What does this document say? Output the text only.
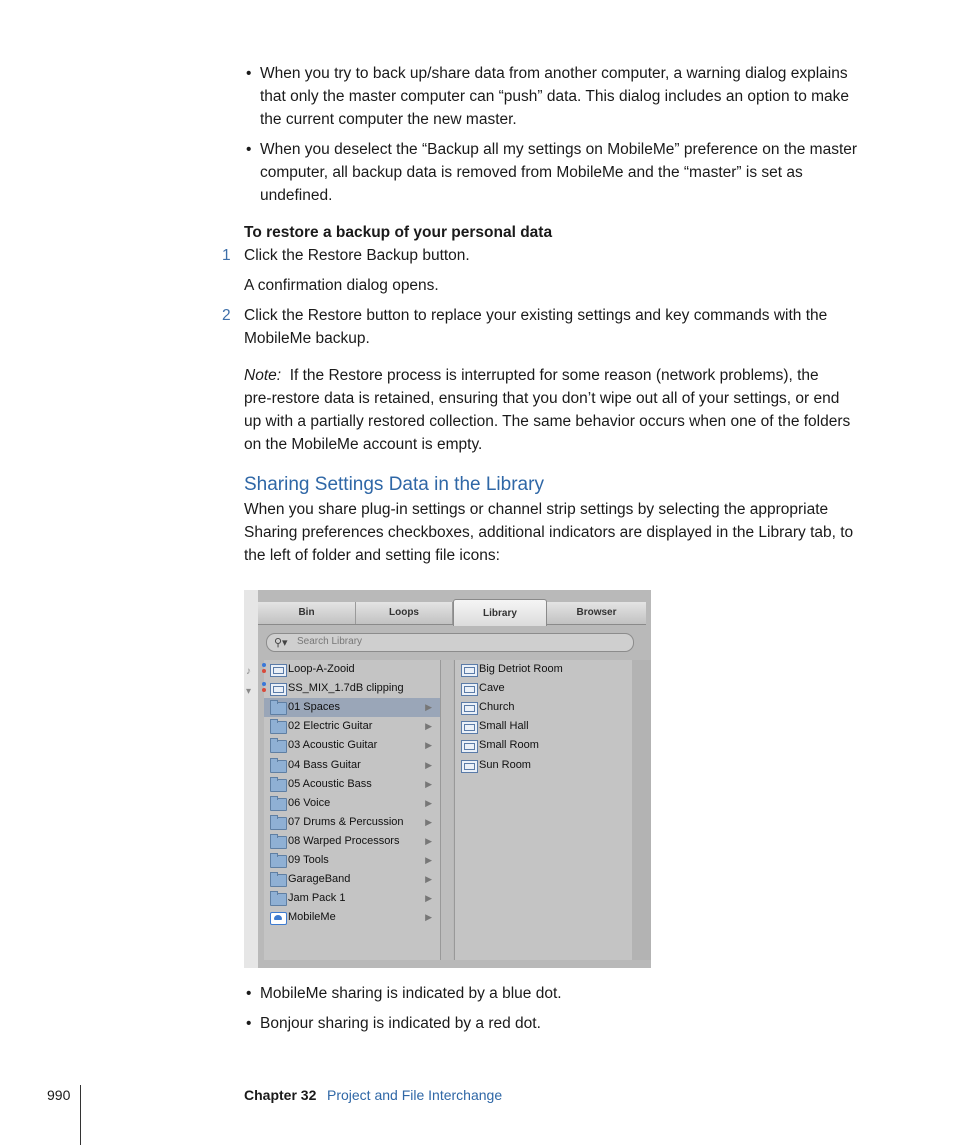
• When you try to back up/share data from another computer, a warning dialog explains
that only the master computer can “push” data. This dialog includes an option to make
the current computer the new master.
• When you deselect the “Backup all my settings on MobileMe” preference on the master
computer, all backup data is removed from MobileMe and the “master” is set as
undefined.
To restore a backup of your personal data
1 Click the Restore Backup button.
A confirmation dialog opens.
2 Click the Restore button to replace your existing settings and key commands with the
MobileMe backup.
Note: If the Restore process is interrupted for some reason (network problems), the
pre-restore data is retained, ensuring that you don’t wipe out all of your settings, or end
up with a partially restored collection. The same behavior occurs when one of the folders
on the MobileMe account is empty.
Sharing Settings Data in the Library
When you share plug-in settings or channel strip settings by selecting the appropriate
Sharing preferences checkboxes, additional indicators are displayed in the Library tab, to
the left of folder and setting file icons:
♪
▾
Bin	Loops	Library	Browser
⚲▾ Search Library
Loop-A-Zooid
SS_MIX_1.7dB clipping
01 Spaces	▶
02 Electric Guitar	▶
03 Acoustic Guitar	▶
04 Bass Guitar	▶
05 Acoustic Bass	▶
06 Voice	▶
07 Drums & Percussion ▶
08 Warped Processors	▶
09 Tools	▶
GarageBand	▶
Jam Pack 1	▶
MobileMe	▶
Big Detriot Room
Cave
Church
Small Hall
Small Room
Sun Room
• MobileMe sharing is indicated by a blue dot.
• Bonjour sharing is indicated by a red dot.
990	Chapter 32 Project and File Interchange
